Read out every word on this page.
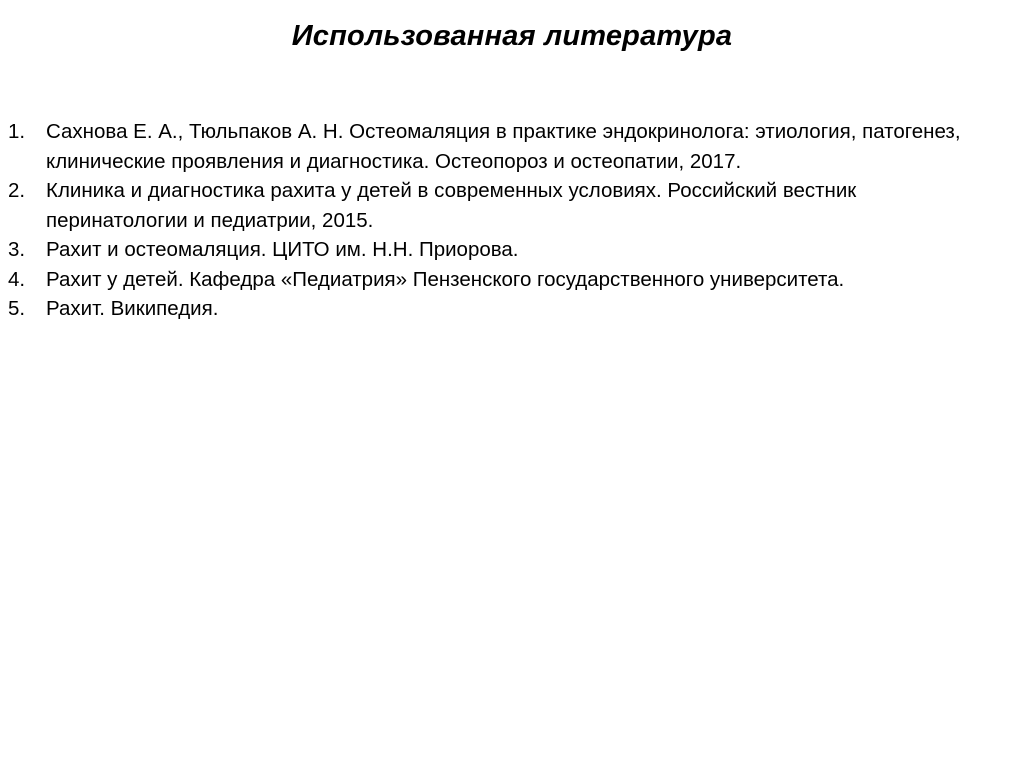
Использованная литература
1.	Сахнова Е. А., Тюльпаков А. Н. Остеомаляция в практике эндокринолога: этиология, патогенез, клинические проявления и диагностика. Остеопороз и остеопатии, 2017.
2.	Клиника и диагностика рахита у детей в современных условиях. Российский вестник перинатологии и педиатрии, 2015.
3.	Рахит и остеомаляция. ЦИТО им. Н.Н. Приорова.
4.	Рахит у детей. Кафедра «Педиатрия» Пензенского государственного университета.
5.	Рахит. Википедия.
